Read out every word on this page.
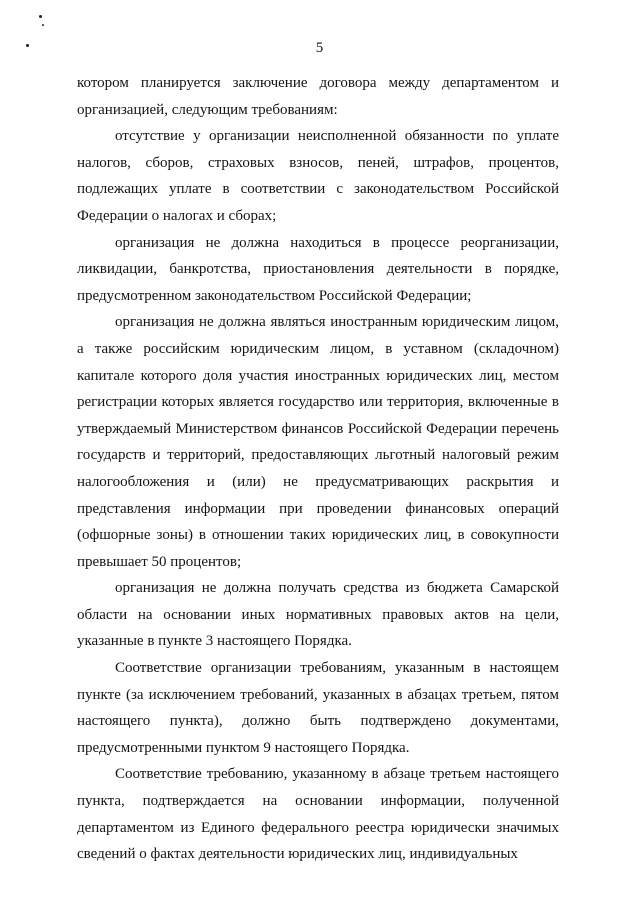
5

котором планируется заключение договора между департаментом и организацией, следующим требованиям:

отсутствие у организации неисполненной обязанности по уплате налогов, сборов, страховых взносов, пеней, штрафов, процентов, подлежащих уплате в соответствии с законодательством Российской Федерации о налогах и сборах;

организация не должна находиться в процессе реорганизации, ликвидации, банкротства, приостановления деятельности в порядке, предусмотренном законодательством Российской Федерации;

организация не должна являться иностранным юридическим лицом, а также российским юридическим лицом, в уставном (складочном) капитале которого доля участия иностранных юридических лиц, местом регистрации которых является государство или территория, включенные в утверждаемый Министерством финансов Российской Федерации перечень государств и территорий, предоставляющих льготный налоговый режим налогообложения и (или) не предусматривающих раскрытия и представления информации при проведении финансовых операций (офшорные зоны) в отношении таких юридических лиц, в совокупности превышает 50 процентов;

организация не должна получать средства из бюджета Самарской области на основании иных нормативных правовых актов на цели, указанные в пункте 3 настоящего Порядка.

Соответствие организации требованиям, указанным в настоящем пункте (за исключением требований, указанных в абзацах третьем, пятом настоящего пункта), должно быть подтверждено документами, предусмотренными пунктом 9 настоящего Порядка.

Соответствие требованию, указанному в абзаце третьем настоящего пункта, подтверждается на основании информации, полученной департаментом из Единого федерального реестра юридически значимых сведений о фактах деятельности юридических лиц, индивидуальных
